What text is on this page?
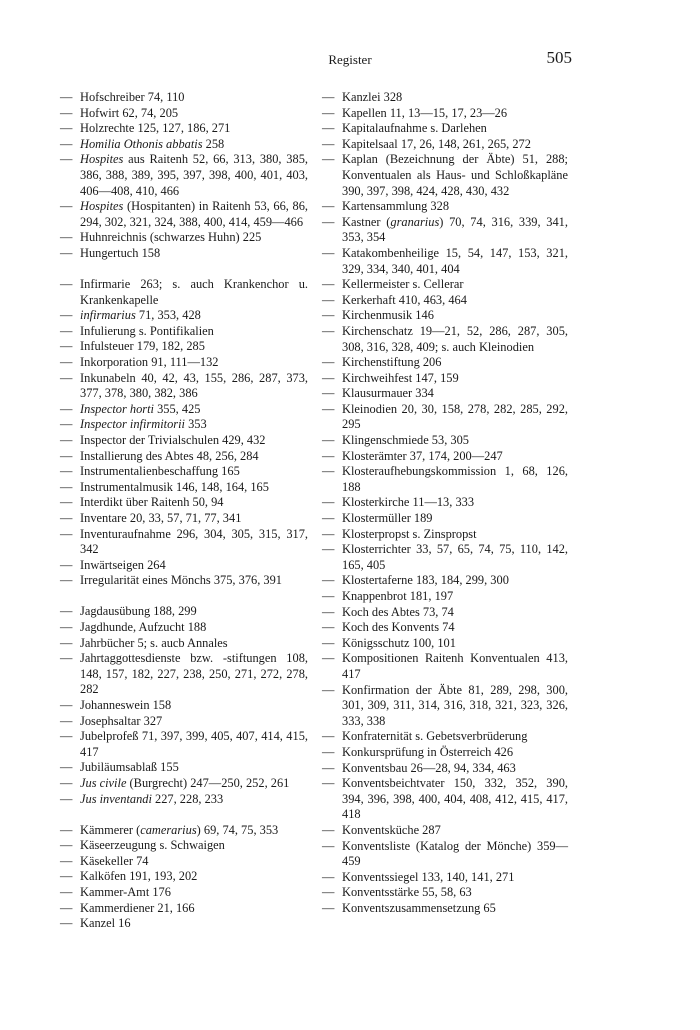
Register	505
— Hofschreiber 74, 110
— Hofwirt 62, 74, 205
— Holzrechte 125, 127, 186, 271
— Homilia Othonis abbatis 258
— Hospites aus Raitenh 52, 66, 313, 380, 385, 386, 388, 389, 395, 397, 398, 400, 401, 403, 406—408, 410, 466
— Hospites (Hospitanten) in Raitenh 53, 66, 86, 294, 302, 321, 324, 388, 400, 414, 459—466
— Huhnreichnis (schwarzes Huhn) 225
— Hungertuch 158
— Infirmarie 263; s. auch Krankenchor u. Krankenkapelle
— infirmarius 71, 353, 428
— Infulierung s. Pontifikalien
— Infulsteuer 179, 182, 285
— Inkorporation 91, 111—132
— Inkunabeln 40, 42, 43, 155, 286, 287, 373, 377, 378, 380, 382, 386
— Inspector horti 355, 425
— Inspector infirmitorii 353
— Inspector der Trivialschulen 429, 432
— Installierung des Abtes 48, 256, 284
— Instrumentalienbeschaffung 165
— Instrumentalmusik 146, 148, 164, 165
— Interdikt über Raitenh 50, 94
— Inventare 20, 33, 57, 71, 77, 341
— Inventuraufnahme 296, 304, 305, 315, 317, 342
— Inwärtseigen 264
— Irregularität eines Mönchs 375, 376, 391
— Jagdausübung 188, 299
— Jagdhunde, Aufzucht 188
— Jahrbücher 5; s. aucb Annales
— Jahrtaggottesdienste bzw. -stiftungen 108, 148, 157, 182, 227, 238, 250, 271, 272, 278, 282
— Johanneswein 158
— Josephsaltar 327
— Jubelprofeß 71, 397, 399, 405, 407, 414, 415, 417
— Jubiläumsablaß 155
— Jus civile (Burgrecht) 247—250, 252, 261
— Jus inventandi 227, 228, 233
— Kämmerer (camerarius) 69, 74, 75, 353
— Käseerzeugung s. Schwaigen
— Käsekeller 74
— Kalköfen 191, 193, 202
— Kammer-Amt 176
— Kammerdiener 21, 166
— Kanzel 16
— Kanzlei 328
— Kapellen 11, 13—15, 17, 23—26
— Kapitalaufnahme s. Darlehen
— Kapitelsaal 17, 26, 148, 261, 265, 272
— Kaplan (Bezeichnung der Äbte) 51, 288; Konventualen als Haus- und Schloßkapläne 390, 397, 398, 424, 428, 430, 432
— Kartensammlung 328
— Kastner (granarius) 70, 74, 316, 339, 341, 353, 354
— Katakombenheilige 15, 54, 147, 153, 321, 329, 334, 340, 401, 404
— Kellermeister s. Cellerar
— Kerkerhaft 410, 463, 464
— Kirchenmusik 146
— Kirchenschatz 19—21, 52, 286, 287, 305, 308, 316, 328, 409; s. auch Kleinodien
— Kirchenstiftung 206
— Kirchweihfest 147, 159
— Klausurmauer 334
— Kleinodien 20, 30, 158, 278, 282, 285, 292, 295
— Klingenschmiede 53, 305
— Klosterämter 37, 174, 200—247
— Klosteraufhebungskommission 1, 68, 126, 188
— Klosterkirche 11—13, 333
— Klostermüller 189
— Klosterpropst s. Zinspropst
— Klosterrichter 33, 57, 65, 74, 75, 110, 142, 165, 405
— Klostertaferne 183, 184, 299, 300
— Knappenbrot 181, 197
— Koch des Abtes 73, 74
— Koch des Konvents 74
— Königsschutz 100, 101
— Kompositionen Raitenh Konventualen 413, 417
— Konfirmation der Äbte 81, 289, 298, 300, 301, 309, 311, 314, 316, 318, 321, 323, 326, 333, 338
— Konfraternität s. Gebetsverbrüderung
— Konkursprüfung in Österreich 426
— Konventsbau 26—28, 94, 334, 463
— Konventsbeichtvater 150, 332, 352, 390, 394, 396, 398, 400, 404, 408, 412, 415, 417, 418
— Konventsküche 287
— Konventsliste (Katalog der Mönche) 359—459
— Konventssiegel 133, 140, 141, 271
— Konventsstärke 55, 58, 63
— Konventszusammensetzung 65
